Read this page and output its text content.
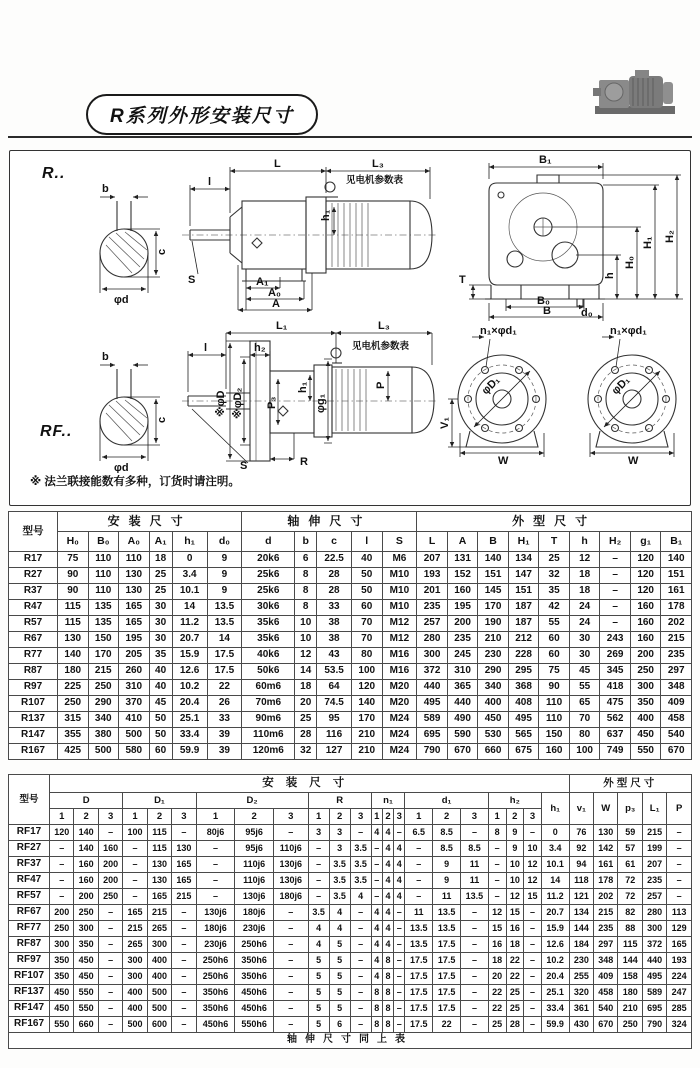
R系列外形安装尺寸
R..
b
c
φd
L	L₃
见电机参数表
l
h₁
S	A₁
A₀
A
B₁
h
H₀
H₁ H₂
T
d₀
B₀
B
RF..
b
c
φd
L₁	L₃
见电机参数表
l	h₂
※φD ※φD₂ P₃
h₁
φg₁
P
S	R
n₁×φd₁
φD₁
V₁
W
n₁×φd₁
φD₁
W
※ 法兰联接能数有多种，订货时请注明。
型号	安装尺寸						轴伸尺寸					外型尺寸								
	H₀	B₀	A₀	A₁	h₁	d₀	d	b	c	l	S	L	A	B	H₁	T	h	H₂	g₁	B₁
R17	75	110	110	18	0	9	20k6	6	22.5	40	M6	207	131	140	134	25	12	–	120	140
R27	90	110	130	25	3.4	9	25k6	8	28	50	M10	193	152	151	147	32	18	–	120	151
R37	90	110	130	25	10.1	9	25k6	8	28	50	M10	201	160	145	151	35	18	–	120	161
R47	115	135	165	30	14	13.5	30k6	8	33	60	M10	235	195	170	187	42	24	–	160	178
R57	115	135	165	30	11.2	13.5	35k6	10	38	70	M12	257	200	190	187	55	24	–	160	202
R67	130	150	195	30	20.7	14	35k6	10	38	70	M12	280	235	210	212	60	30	243	160	215
R77	140	170	205	35	15.9	17.5	40k6	12	43	80	M16	300	245	230	228	60	30	269	200	235
R87	180	215	260	40	12.6	17.5	50k6	14	53.5	100	M16	372	310	290	295	75	45	345	250	297
R97	225	250	310	40	10.2	22	60m6	18	64	120	M20	440	365	340	368	90	55	418	300	348
R107	250	290	370	45	20.4	26	70m6	20	74.5	140	M20	495	440	400	408	110	65	475	350	409
R137	315	340	410	50	25.1	33	90m6	25	95	170	M24	589	490	450	495	110	70	562	400	458
R147	355	380	500	50	33.4	39	110m6	28	116	210	M24	695	590	530	565	150	80	637	450	540
R167	425	500	580	60	59.9	39	120m6	32	127	210	M24	790	670	660	675	160	100	749	550	670
型号	安装尺寸																						外型尺寸				
	D			D₁			D₂			R			n₁			d₁			h₂			h₁	v₁	W	p₃	L₁	P
	1	2	3	1	2	3	1	2	3	1	2	3	1	2	3	1	2	3	1	2	3						
RF17	120	140	–	100	115	–	80j6	95j6	–	3	3	–	4	4	–	6.5	8.5	–	8	9	–	0	76	130	59	215	–
RF27	–	140	160	–	115	130	–	95j6	110j6	–	3	3.5	–	4	4	–	8.5	8.5	–	9	10	3.4	92	142	57	199	–
RF37	–	160	200	–	130	165	–	110j6	130j6	–	3.5	3.5	–	4	4	–	9	11	–	10	12	10.1	94	161	61	207	–
RF47	–	160	200	–	130	165	–	110j6	130j6	–	3.5	3.5	–	4	4	–	9	11	–	10	12	14	118	178	72	235	–
RF57	–	200	250	–	165	215	–	130j6	180j6	–	3.5	4	–	4	4	–	11	13.5	–	12	15	11.2	121	202	72	257	–
RF67	200	250	–	165	215	–	130j6	180j6	–	3.5	4	–	4	4	–	11	13.5	–	12	15	–	20.7	134	215	82	280	113
RF77	250	300	–	215	265	–	180j6	230j6	–	4	4	–	4	4	–	13.5	13.5	–	15	16	–	15.9	144	235	88	300	129
RF87	300	350	–	265	300	–	230j6	250h6	–	4	5	–	4	4	–	13.5	17.5	–	16	18	–	12.6	184	297	115	372	165
RF97	350	450	–	300	400	–	250h6	350h6	–	5	5	–	4	8	–	17.5	17.5	–	18	22	–	10.2	230	348	144	440	193
RF107	350	450	–	300	400	–	250h6	350h6	–	5	5	–	4	8	–	17.5	17.5	–	20	22	–	20.4	255	409	158	495	224
RF137	450	550	–	400	500	–	350h6	450h6	–	5	5	–	8	8	–	17.5	17.5	–	22	25	–	25.1	320	458	180	589	247
RF147	450	550	–	400	500	–	350h6	450h6	–	5	5	–	8	8	–	17.5	17.5	–	22	25	–	33.4	361	540	210	695	285
RF167	550	660	–	500	600	–	450h6	550h6	–	5	6	–	8	8	–	17.5	22	–	25	28	–	59.9	430	670	250	790	324
轴伸尺寸同上表																											
